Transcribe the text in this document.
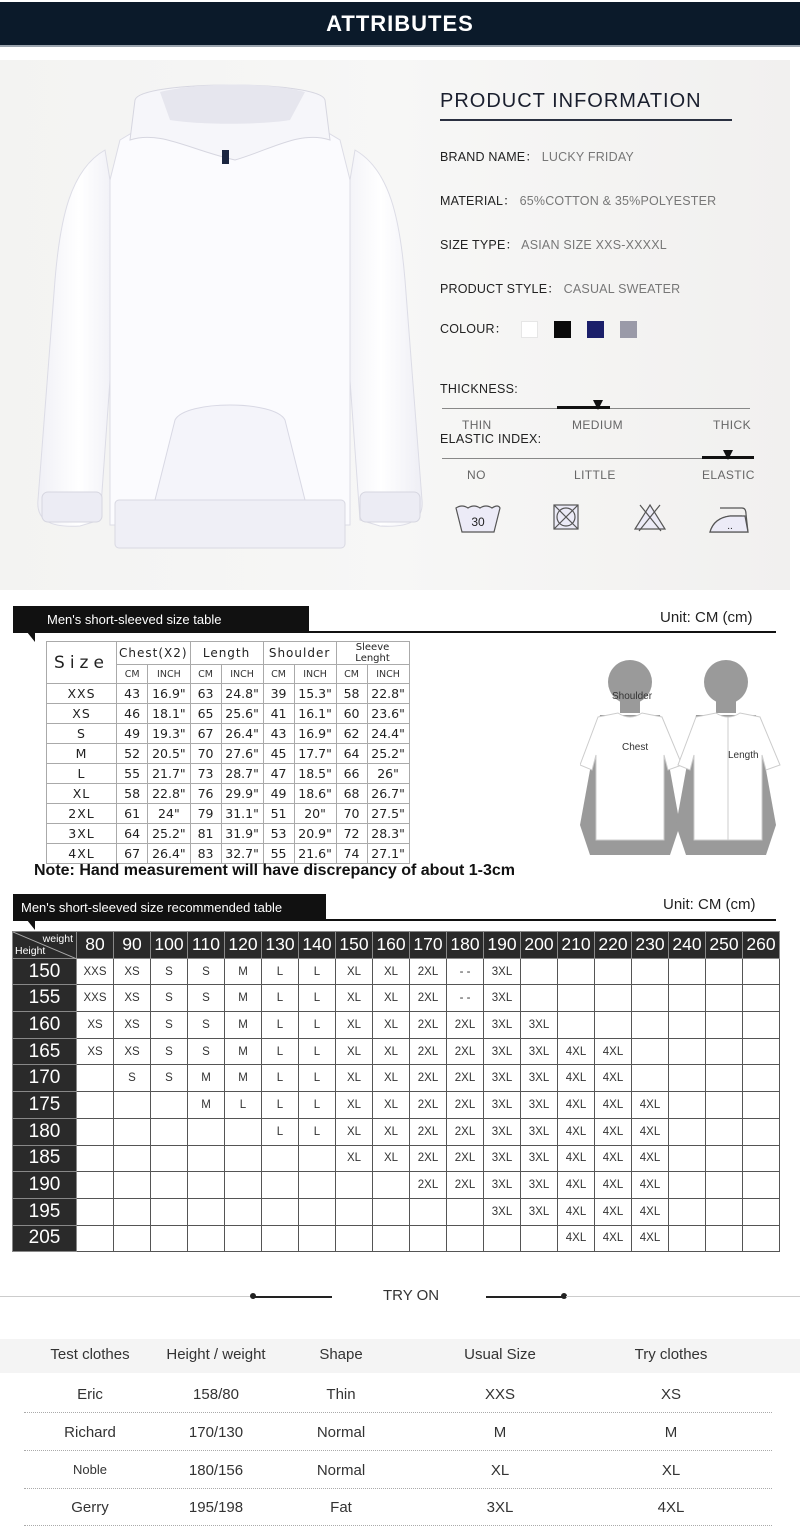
ATTRIBUTES
PRODUCT INFORMATION
BRAND NAME： LUCKY FRIDAY
MATERIAL： 65%COTTON & 35%POLYESTER
SIZE TYPE： ASIAN SIZE XXS-XXXXL
PRODUCT STYLE： CASUAL SWEATER
COLOUR：
THICKNESS:
THIN	MEDIUM	THICK
ELASTIC INDEX:
NO	LITTLE	ELASTIC
30	..
Men's short-sleeved size table	Unit: CM (cm)
Size	Chest(X2)		Length		Shoulder		Sleeve Lenght	
	CM	INCH	CM	INCH	CM	INCH	CM	INCH
XXS	43	16.9"	63	24.8"	39	15.3"	58	22.8"
XS	46	18.1"	65	25.6"	41	16.1"	60	23.6"
S	49	19.3"	67	26.4"	43	16.9"	62	24.4"
M	52	20.5"	70	27.6"	45	17.7"	64	25.2"
L	55	21.7"	73	28.7"	47	18.5"	66	26"
XL	58	22.8"	76	29.9"	49	18.6"	68	26.7"
2XL	61	24"	79	31.1"	51	20"	70	27.5"
3XL	64	25.2"	81	31.9"	53	20.9"	72	28.3"
4XL	67	26.4"	83	32.7"	55	21.6"	74	27.1"
Shoulder
Chest
Length
Note: Hand measurement will have discrepancy of about 1-3cm
Men's short-sleeved size recommended table	Unit: CM (cm)
weight
Height	80	90	100	110	120	130	140	150	160	170	180	190	200	210	220	230	240	250	260
150	XXS	XS	S	S	M	L	L	XL	XL	2XL	- -	3XL							
155	XXS	XS	S	S	M	L	L	XL	XL	2XL	- -	3XL							
160	XS	XS	S	S	M	L	L	XL	XL	2XL	2XL	3XL	3XL						
165	XS	XS	S	S	M	L	L	XL	XL	2XL	2XL	3XL	3XL	4XL	4XL				
170		S	S	M	M	L	L	XL	XL	2XL	2XL	3XL	3XL	4XL	4XL				
175				M	L	L	L	XL	XL	2XL	2XL	3XL	3XL	4XL	4XL	4XL			
180						L	L	XL	XL	2XL	2XL	3XL	3XL	4XL	4XL	4XL			
185								XL	XL	2XL	2XL	3XL	3XL	4XL	4XL	4XL			
190										2XL	2XL	3XL	3XL	4XL	4XL	4XL			
195												3XL	3XL	4XL	4XL	4XL			
205														4XL	4XL	4XL			
TRY ON
Test clothes Height / weight	Shape	Usual Size	Try clothes
Eric	158/80	Thin	XXS	XS
Richard	170/130	Normal	M	M
Noble	180/156	Normal	XL	XL
Gerry	195/198	Fat	3XL	4XL
